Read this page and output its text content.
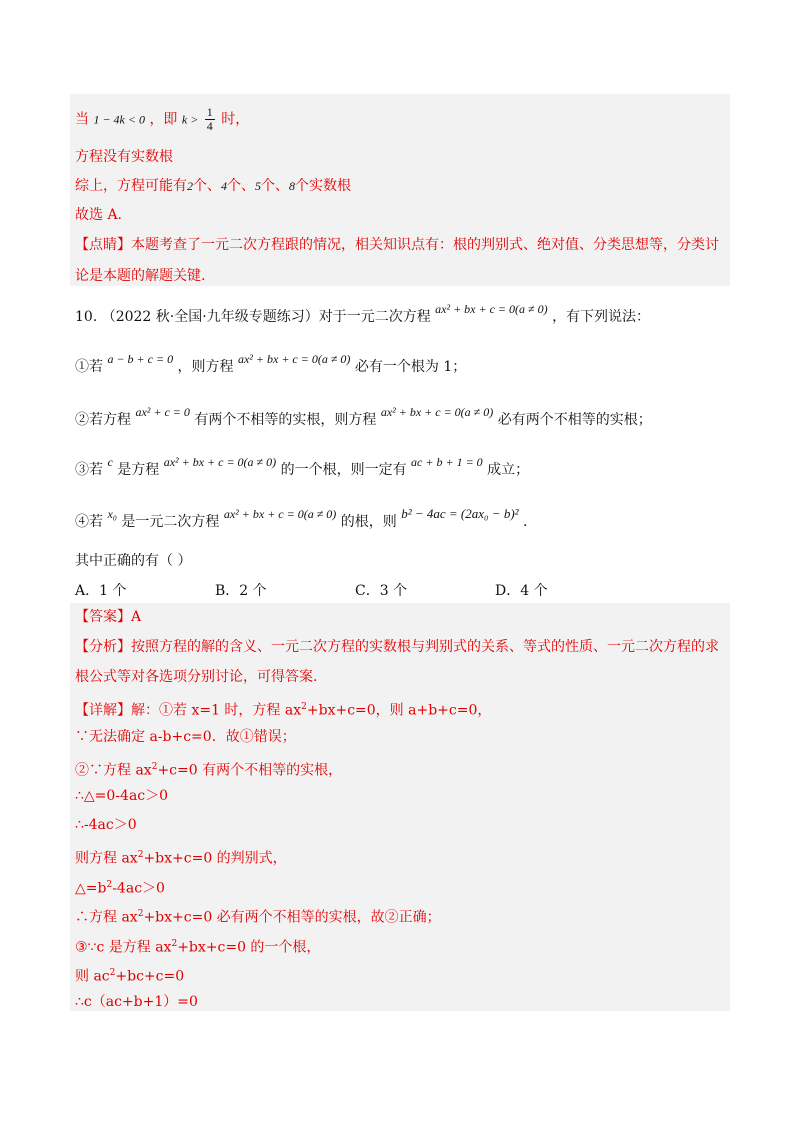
当 1 − 4k < 0 ，即 $k > \frac{1}{4}$ 时，
方程没有实数根
综上，方程可能有2个、4个、5个、8个实数根
故选 A.
【点睛】本题考查了一元二次方程跟的情况，相关知识点有：根的判别式、绝对值、分类思想等，分类讨
论是本题的解题关键.
10. （2022 秋·全国·九年级专题练习）对于一元二次方程 ax² + bx + c = 0(a ≠ 0) ，有下列说法：
①若 a − b + c = 0 ，则方程 ax² + bx + c = 0(a ≠ 0) 必有一个根为 1；
②若方程 ax² + c = 0 有两个不相等的实根，则方程 ax² + bx + c = 0(a ≠ 0) 必有两个不相等的实根；
③若 c 是方程 ax² + bx + c = 0(a ≠ 0) 的一个根，则一定有 ac + b + 1 = 0 成立；
④若 x₀ 是一元二次方程 ax² + bx + c = 0(a ≠ 0) 的根，则 b² − 4ac = (2ax₀ − b)² .
其中正确的有（ ）
A．1 个	B．2 个	C．3 个	D．4 个
【答案】A
【分析】按照方程的解的含义、一元二次方程的实数根与判别式的关系、等式的性质、一元二次方程的求
根公式等对各选项分别讨论，可得答案.
【详解】解：①若 x=1 时，方程 $ax^2+bx+c=0$，则 a+b+c=0，
∵无法确定 a-b+c=0．故①错误；
②∵方程 $ax^2+c=0$ 有两个不相等的实根，
∴△=0-4ac＞0
∴-4ac＞0
则方程 $ax^2+bx+c=0$ 的判别式，
$\triangle=b^2-4ac>0$
∴方程 $ax^2+bx+c=0$ 必有两个不相等的实根，故②正确；
③∵c 是方程 $ax^2+bx+c=0$ 的一个根，
则 $ac^2+bc+c=0$
∴c（ac+b+1）=0
